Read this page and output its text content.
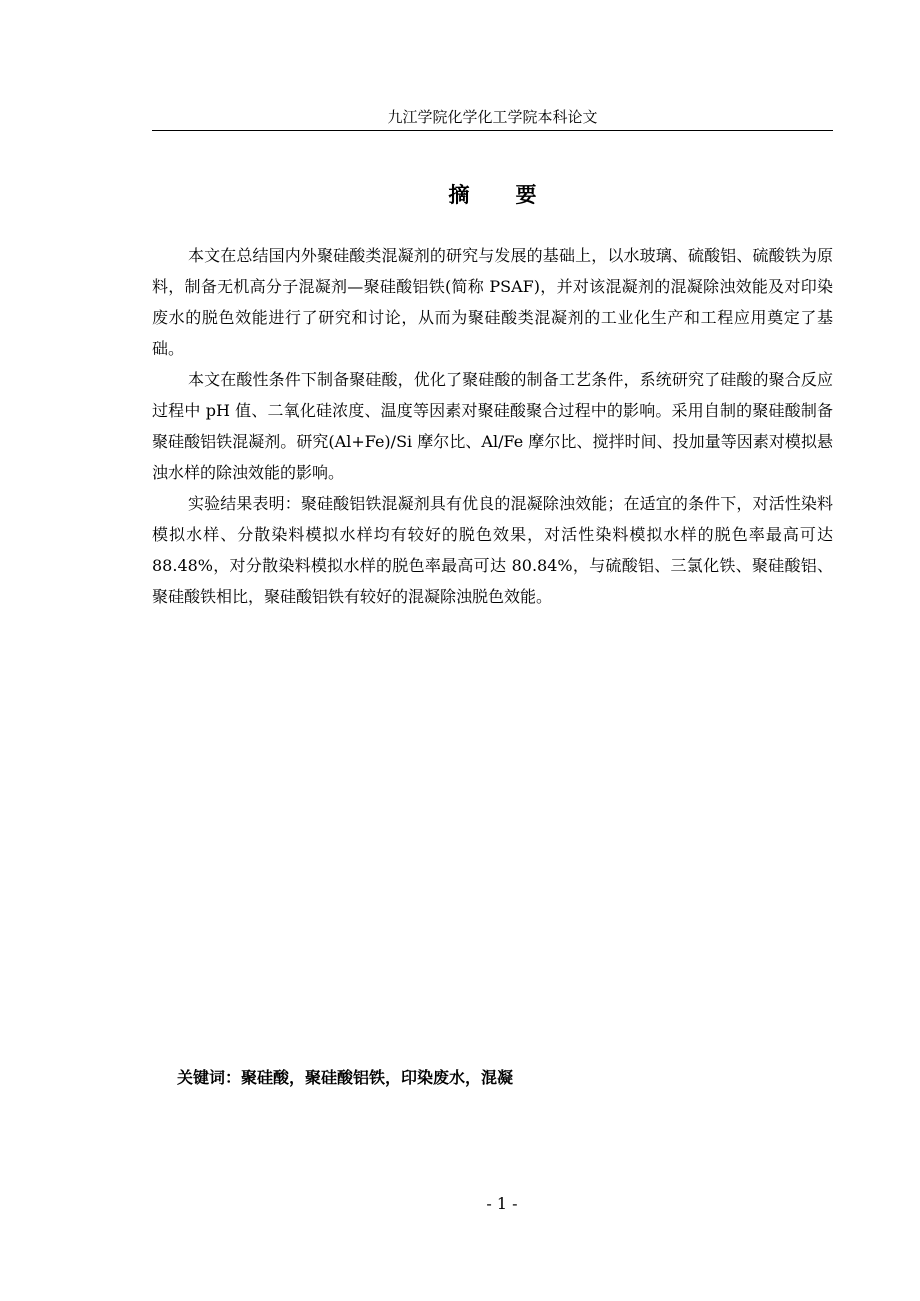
九江学院化学化工学院本科论文
摘要

本文在总结国内外聚硅酸类混凝剂的研究与发展的基础上，以水玻璃、硫酸铝、硫酸铁为原料，制备无机高分子混凝剂—聚硅酸铝铁(简称 PSAF)，并对该混凝剂的混凝除浊效能及对印染废水的脱色效能进行了研究和讨论，从而为聚硅酸类混凝剂的工业化生产和工程应用奠定了基础。

本文在酸性条件下制备聚硅酸，优化了聚硅酸的制备工艺条件，系统研究了硅酸的聚合反应过程中 pH 值、二氧化硅浓度、温度等因素对聚硅酸聚合过程中的影响。采用自制的聚硅酸制备聚硅酸铝铁混凝剂。研究(Al+Fe)/Si 摩尔比、Al/Fe 摩尔比、搅拌时间、投加量等因素对模拟悬浊水样的除浊效能的影响。

实验结果表明：聚硅酸铝铁混凝剂具有优良的混凝除浊效能；在适宜的条件下，对活性染料模拟水样、分散染料模拟水样均有较好的脱色效果，对活性染料模拟水样的脱色率最高可达 88.48%，对分散染料模拟水样的脱色率最高可达 80.84%，与硫酸铝、三氯化铁、聚硅酸铝、聚硅酸铁相比，聚硅酸铝铁有较好的混凝除浊脱色效能。

关键词：聚硅酸，聚硅酸铝铁，印染废水，混凝
- 1 -
